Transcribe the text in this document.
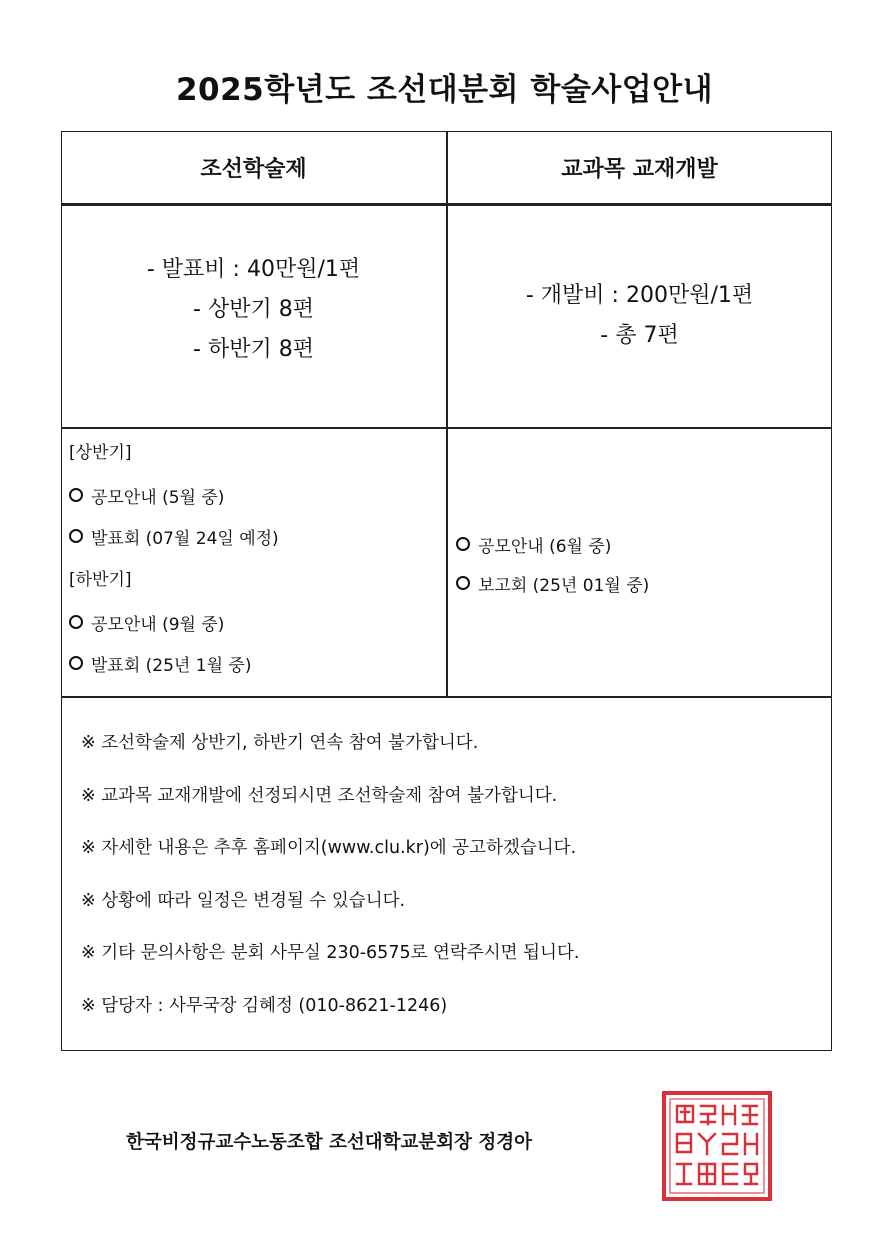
2025학년도 조선대분회 학술사업안내
조선학술제	교과목 교재개발
- 발표비 : 40만원/1편
- 상반기 8편
- 하반기 8편
- 개발비 : 200만원/1편
- 총 7편
[상반기]
공모안내 (5월 중)
발표회 (07월 24일 예정)
[하반기]
공모안내 (9월 중)
발표회 (25년 1월 중)
공모안내 (6월 중)
보고회 (25년 01월 중)
※ 조선학술제 상반기, 하반기 연속 참여 불가합니다.
※ 교과목 교재개발에 선정되시면 조선학술제 참여 불가합니다.
※ 자세한 내용은 추후 홈페이지(www.clu.kr)에 공고하겠습니다.
※ 상황에 따라 일정은 변경될 수 있습니다.
※ 기타 문의사항은 분회 사무실 230-6575로 연락주시면 됩니다.
※ 담당자 : 사무국장 김혜정 (010-8621-1246)
한국비정규교수노동조합 조선대학교분회장 정경아
